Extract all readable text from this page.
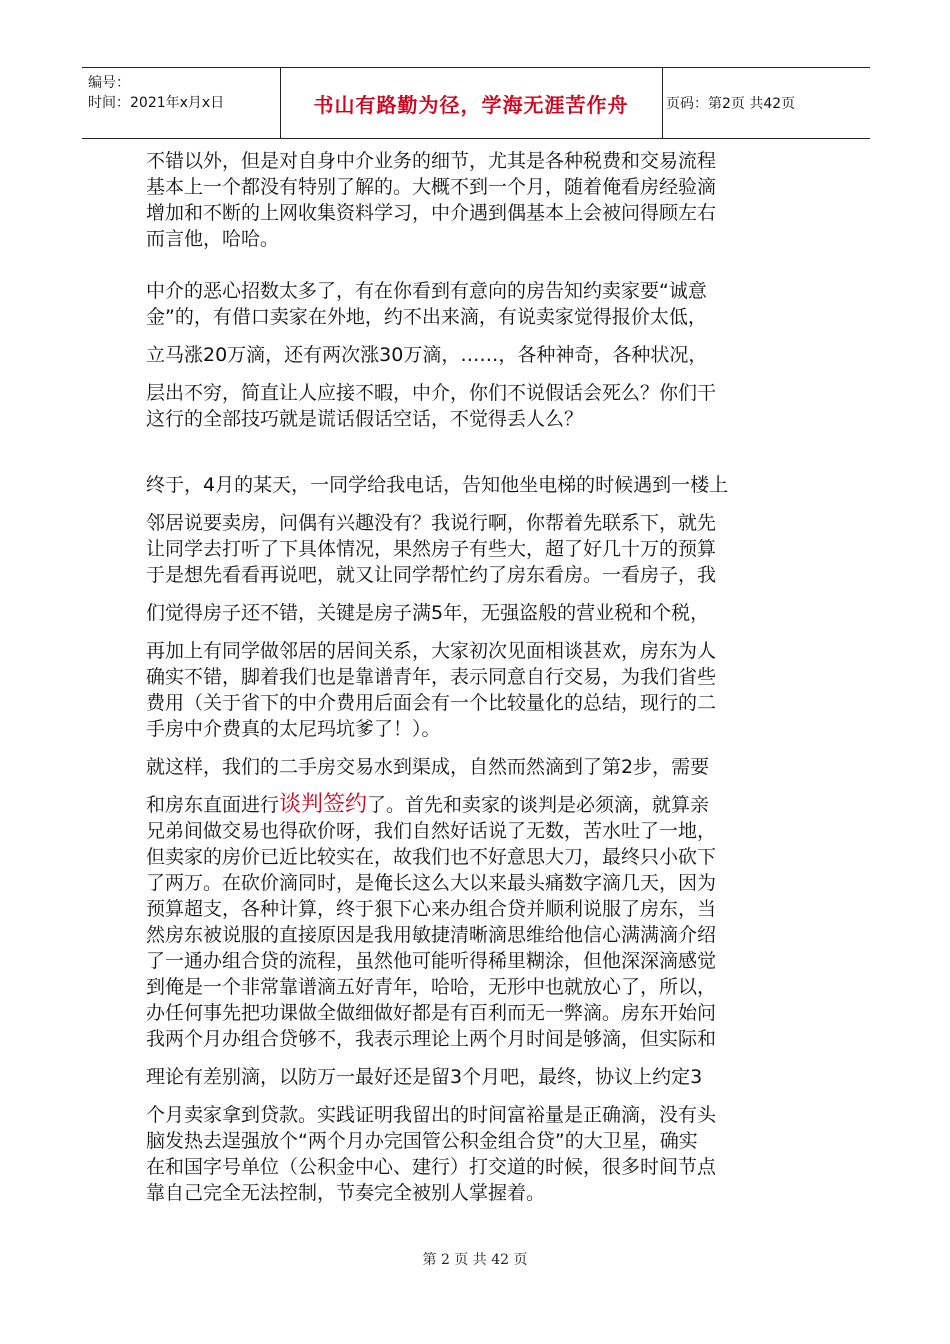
编号：
时间：2021年x月x日	书山有路勤为径，学海无涯苦作舟	页码：第2页 共42页

不错以外，但是对自身中介业务的细节，尤其是各种税费和交易流程
基本上一个都没有特别了解的。大概不到一个月，随着俺看房经验滴
增加和不断的上网收集资料学习，中介遇到偶基本上会被问得顾左右
而言他，哈哈。

中介的恶心招数太多了，有在你看到有意向的房告知约卖家要“诚意
金”的，有借口卖家在外地，约不出来滴，有说卖家觉得报价太低，

立马涨20万滴，还有两次涨30万滴，……，各种神奇，各种状况，

层出不穷，简直让人应接不暇，中介，你们不说假话会死么？你们干
这行的全部技巧就是谎话假话空话，不觉得丢人么？

终于，4月的某天，一同学给我电话，告知他坐电梯的时候遇到一楼上

邻居说要卖房，问偶有兴趣没有？我说行啊，你帮着先联系下，就先
让同学去打听了下具体情况，果然房子有些大，超了好几十万的预算
于是想先看看再说吧，就又让同学帮忙约了房东看房。一看房子，我

们觉得房子还不错，关键是房子满5年，无强盗般的营业税和个税，

再加上有同学做邻居的居间关系，大家初次见面相谈甚欢，房东为人
确实不错，脚着我们也是靠谱青年，表示同意自行交易，为我们省些
费用（关于省下的中介费用后面会有一个比较量化的总结，现行的二
手房中介费真的太尼玛坑爹了！）。

就这样，我们的二手房交易水到渠成，自然而然滴到了第2步，需要

和房东直面进行谈判签约了。首先和卖家的谈判是必须滴，就算亲
兄弟间做交易也得砍价呀，我们自然好话说了无数，苦水吐了一地，
但卖家的房价已近比较实在，故我们也不好意思大刀，最终只小砍下
了两万。在砍价滴同时，是俺长这么大以来最头痛数字滴几天，因为
预算超支，各种计算，终于狠下心来办组合贷并顺利说服了房东，当
然房东被说服的直接原因是我用敏捷清晰滴思维给他信心满满滴介绍
了一通办组合贷的流程，虽然他可能听得稀里糊涂，但他深深滴感觉
到俺是一个非常靠谱滴五好青年，哈哈，无形中也就放心了，所以，
办任何事先把功课做全做细做好都是有百利而无一弊滴。房东开始问
我两个月办组合贷够不，我表示理论上两个月时间是够滴，但实际和

理论有差别滴，以防万一最好还是留3个月吧，最终，协议上约定3

个月卖家拿到贷款。实践证明我留出的时间富裕量是正确滴，没有头
脑发热去逞强放个“两个月办完国管公积金组合贷”的大卫星，确实
在和国字号单位（公积金中心、建行）打交道的时候，很多时间节点
靠自己完全无法控制，节奏完全被别人掌握着。

第 2 页 共 42 页
